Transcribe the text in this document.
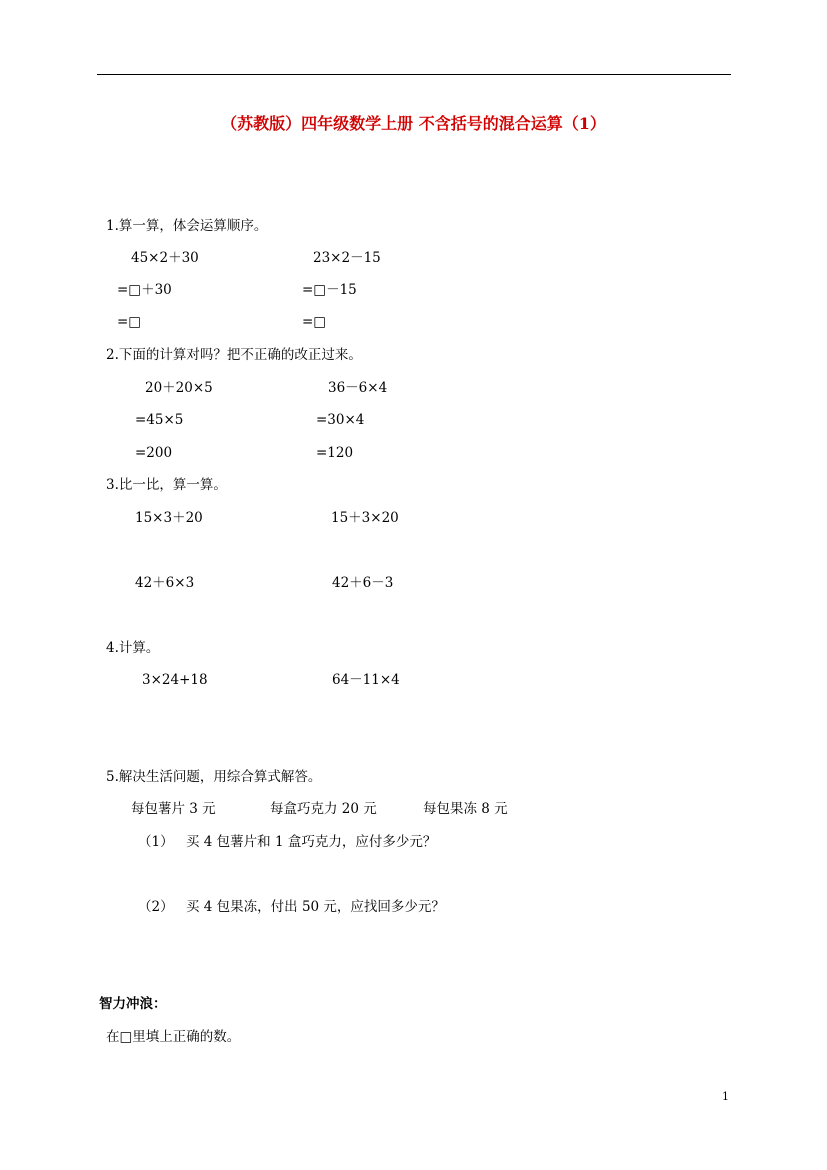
（苏教版）四年级数学上册 不含括号的混合运算（1）
1.算一算，体会运算顺序。
45×2＋30
=□＋30
=□
23×2－15
=□－15
=□
2.下面的计算对吗？把不正确的改正过来。
20＋20×5
=45×5
=200
36－6×4
=30×4
=120
3.比一比，算一算。
15×3＋20	15＋3×20
42＋6×3	42＋6－3
4.计算。
3×24+18	64－11×4
5.解决生活问题，用综合算式解答。
每包薯片 3 元	每盒巧克力 20 元	每包果冻 8 元
（1） 买 4 包薯片和 1 盒巧克力，应付多少元？
（2） 买 4 包果冻，付出 50 元，应找回多少元？
智力冲浪：
在□里填上正确的数。
1
